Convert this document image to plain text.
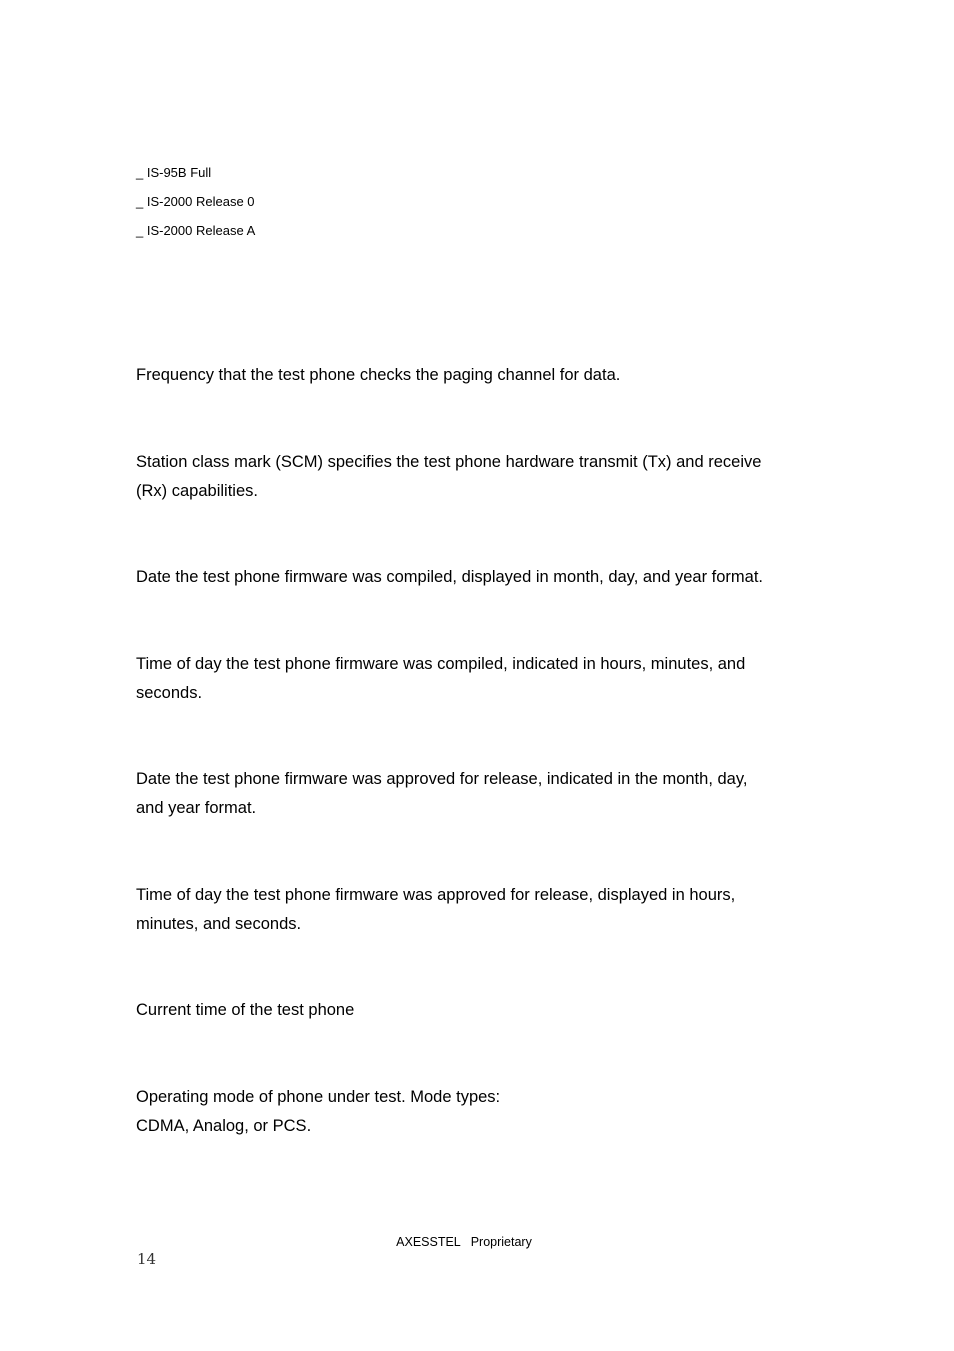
_ IS-95B Full
_ IS-2000 Release 0
_ IS-2000 Release A
Frequency that the test phone checks the paging channel for data.
Station class mark (SCM) specifies the test phone hardware transmit (Tx) and receive
(Rx) capabilities.
Date the test phone firmware was compiled, displayed in month, day, and year format.
Time of day the test phone firmware was compiled, indicated in hours, minutes, and
seconds.
Date the test phone firmware was approved for release, indicated in the month, day,
and year format.
Time of day the test phone firmware was approved for release, displayed in hours,
minutes, and seconds.
Current time of the test phone
Operating mode of phone under test. Mode types:
CDMA, Analog, or PCS.
AXESSTEL   Proprietary
14
